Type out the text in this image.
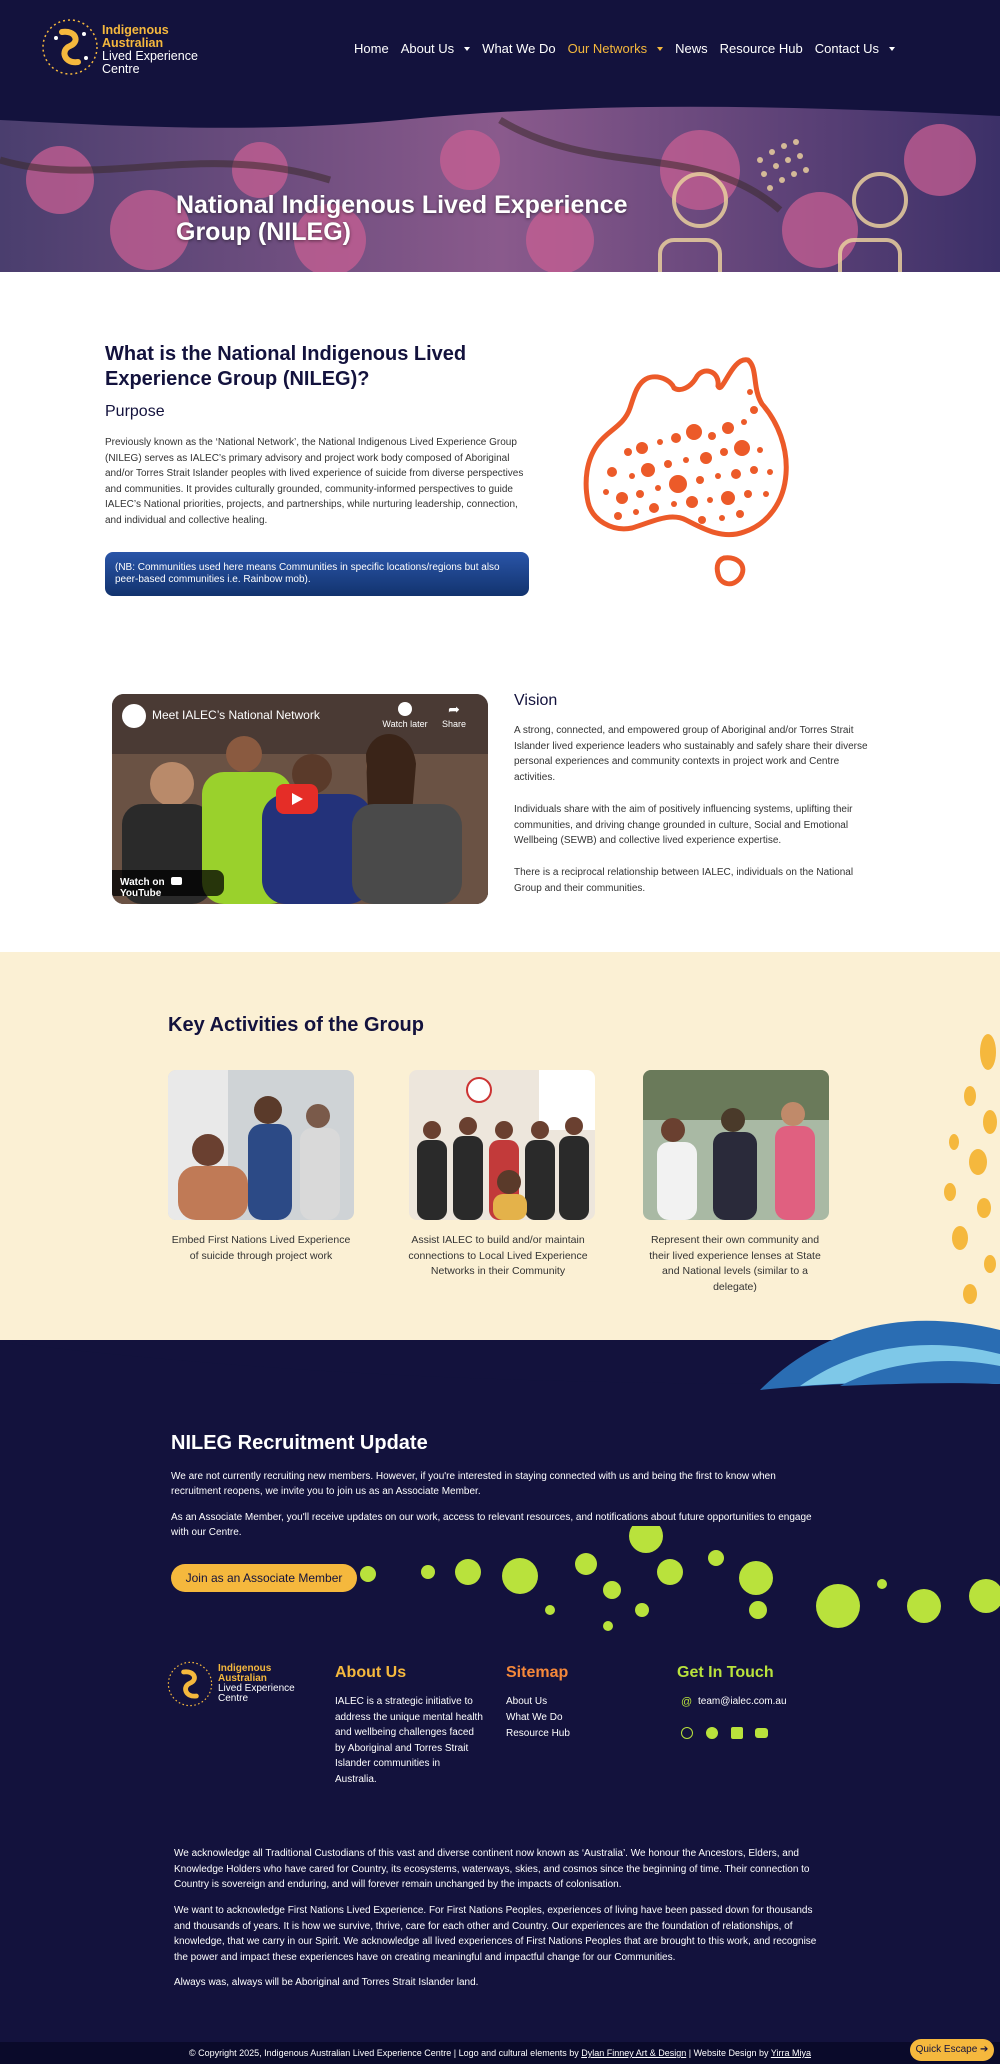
Indigenous
Australian
Lived Experience
Centre
Home About Us What We Do Our Networks News Resource Hub Contact Us
National Indigenous Lived Experience Group (NILEG)
What is the National Indigenous Lived Experience Group (NILEG)?
Purpose
Previously known as the ‘National Network’, the National Indigenous Lived Experience Group (NILEG) serves as IALEC’s primary advisory and project work body composed of Aboriginal and/or Torres Strait Islander peoples with lived experience of suicide from diverse perspectives and communities. It provides culturally grounded, community-informed perspectives to guide IALEC’s National priorities, projects, and partnerships, while nurturing leadership, connection, and individual and collective healing.
(NB: Communities used here means Communities in specific locations/regions but also peer-based communities i.e. Rainbow mob).
Meet IALEC’s National Network
Watch later
➦
Share
Watch on  YouTube
Vision
A strong, connected, and empowered group of Aboriginal and/or Torres Strait Islander lived experience leaders who sustainably and safely share their diverse personal experiences and community contexts in project work and Centre activities.
Individuals share with the aim of positively influencing systems, uplifting their communities, and driving change grounded in culture, Social and Emotional Wellbeing (SEWB) and collective lived experience expertise.
There is a reciprocal relationship between IALEC, individuals on the National Group and their communities.
Key Activities of the Group
Embed First Nations Lived Experience of suicide through project work
Assist IALEC to build and/or maintain connections to Local Lived Experience Networks in their Community
Represent their own community and their lived experience lenses at State and National levels (similar to a delegate)
NILEG Recruitment Update
We are not currently recruiting new members. However, if you're interested in staying connected with us and being the first to know when recruitment reopens, we invite you to join us as an Associate Member.
As an Associate Member, you'll receive updates on our work, access to relevant resources, and notifications about future opportunities to engage with our Centre.
Join as an Associate Member
Indigenous
Australian
Lived Experience
Centre
About Us
IALEC is a strategic initiative to address the unique mental health and wellbeing challenges faced by Aboriginal and Torres Strait Islander communities in Australia.
Sitemap
About Us
What We Do
Resource Hub
Get In Touch
@ team@ialec.com.au
We acknowledge all Traditional Custodians of this vast and diverse continent now known as ‘Australia’. We honour the Ancestors, Elders, and Knowledge Holders who have cared for Country, its ecosystems, waterways, skies, and cosmos since the beginning of time. Their connection to Country is sovereign and enduring, and will forever remain unchanged by the impacts of colonisation.
We want to acknowledge First Nations Lived Experience. For First Nations Peoples, experiences of living have been passed down for thousands and thousands of years. It is how we survive, thrive, care for each other and Country. Our experiences are the foundation of relationships, of knowledge, that we carry in our Spirit. We acknowledge all lived experiences of First Nations Peoples that are brought to this work, and recognise the power and impact these experiences have on creating meaningful and impactful change for our Communities.
Always was, always will be Aboriginal and Torres Strait Islander land.
© Copyright 2025, Indigenous Australian Lived Experience Centre | Logo and cultural elements by Dylan Finney Art & Design | Website Design by Yirra Miya	Quick Escape ➔
